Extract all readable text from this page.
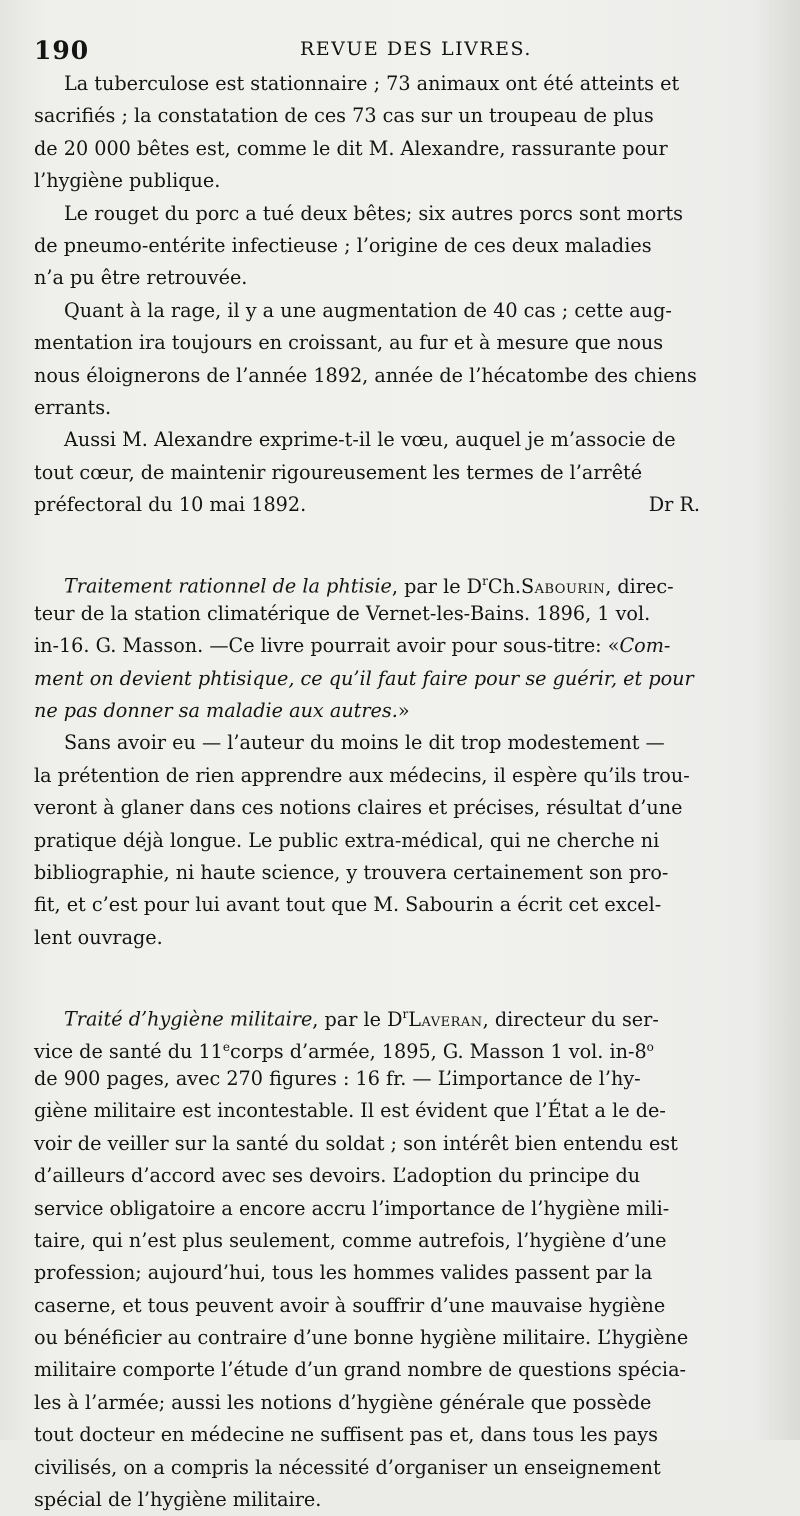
190	REVUE DES LIVRES.
La tuberculose est stationnaire ; 73 animaux ont été atteints et
sacrifiés ; la constatation de ces 73 cas sur un troupeau de plus
de 20 000 bêtes est, comme le dit M. Alexandre, rassurante pour
l’hygiène publique.
Le rouget du porc a tué deux bêtes; six autres porcs sont morts
de pneumo-entérite infectieuse ; l’origine de ces deux maladies
n’a pu être retrouvée.
Quant à la rage, il y a une augmentation de 40 cas ; cette aug-
mentation ira toujours en croissant, au fur et à mesure que nous
nous éloignerons de l’année 1892, année de l’hécatombe des chiens
errants.
Aussi M. Alexandre exprime-t-il le vœu, auquel je m’associe de
tout cœur, de maintenir rigoureusement les termes de l’arrêté
préfectoral du 10 mai 1892.	Dr R.
Traitement rationnel de la phtisie, par le $D^rCh.Sabourin$, direc-
teur de la station climatérique de Vernet-les-Bains. 1896, 1 vol.
in-16. G. Masson. —Ce livre pourrait avoir pour sous-titre: «Com-
ment on devient phtisique, ce qu’il faut faire pour se guérir, et pour
ne pas donner sa maladie aux autres.»
Sans avoir eu — l’auteur du moins le dit trop modestement —
la prétention de rien apprendre aux médecins, il espère qu’ils trou-
veront à glaner dans ces notions claires et précises, résultat d’une
pratique déjà longue. Le public extra-médical, qui ne cherche ni
bibliographie, ni haute science, y trouvera certainement son pro-
fit, et c’est pour lui avant tout que M. Sabourin a écrit cet excel-
lent ouvrage.
Traité d’hygiène militaire, par le $D^rLaveran$, directeur du ser-
vice de santé du 11ecorps d’armée, 1895, G. Masson 1 vol. in-8$^o$
de 900 pages, avec 270 figures : 16 fr. — L’importance de l’hy-
giène militaire est incontestable. Il est évident que l’État a le de-
voir de veiller sur la santé du soldat ; son intérêt bien entendu est
d’ailleurs d’accord avec ses devoirs. L’adoption du principe du
service obligatoire a encore accru l’importance de l’hygiène mili-
taire, qui n’est plus seulement, comme autrefois, l’hygiène d’une
profession; aujourd’hui, tous les hommes valides passent par la
caserne, et tous peuvent avoir à souffrir d’une mauvaise hygiène
ou bénéficier au contraire d’une bonne hygiène militaire. L’hygiène
militaire comporte l’étude d’un grand nombre de questions spécia-
les à l’armée; aussi les notions d’hygiène générale que possède
tout docteur en médecine ne suffisent pas et, dans tous les pays
civilisés, on a compris la nécessité d’organiser un enseignement
spécial de l’hygiène militaire.
